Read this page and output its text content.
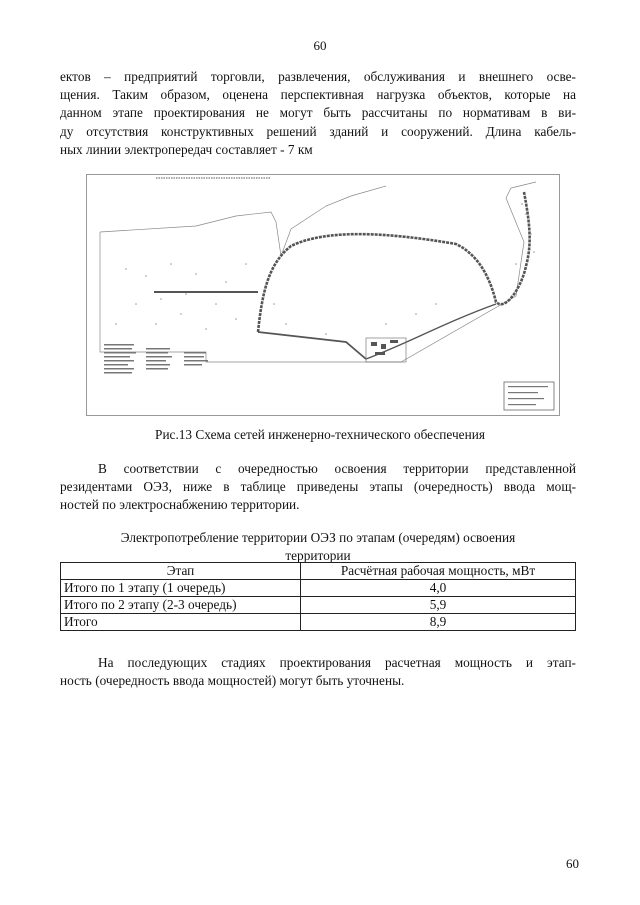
60

ектов – предприятий торговли, развлечения, обслуживания и внешнего осве-
щения. Таким образом, оценена перспективная нагрузка объектов, которые на
данном этапе проектирования не могут быть рассчитаны по нормативам в ви-
ду отсутствия конструктивных решений зданий и сооружений. Длина кабель-
ных линии электропередач составляет - 7 км

Рис.13 Схема сетей инженерно-технического обеспечения

В соответствии с очередностью освоения территории представленной
резидентами ОЭЗ, ниже в таблице приведены этапы (очередность) ввода мощ-
ностей по электроснабжению территории.

Электропотребление территории ОЭЗ по этапам (очередям) освоения
территории
Этап	Расчётная рабочая мощность, мВт
Итого по 1 этапу (1 очередь)	4,0
Итого по 2 этапу (2-3 очередь)	5,9
Итого	8,9

На последующих стадиях проектирования расчетная мощность и этап-
ность (очередность ввода мощностей) могут быть уточнены.

60
